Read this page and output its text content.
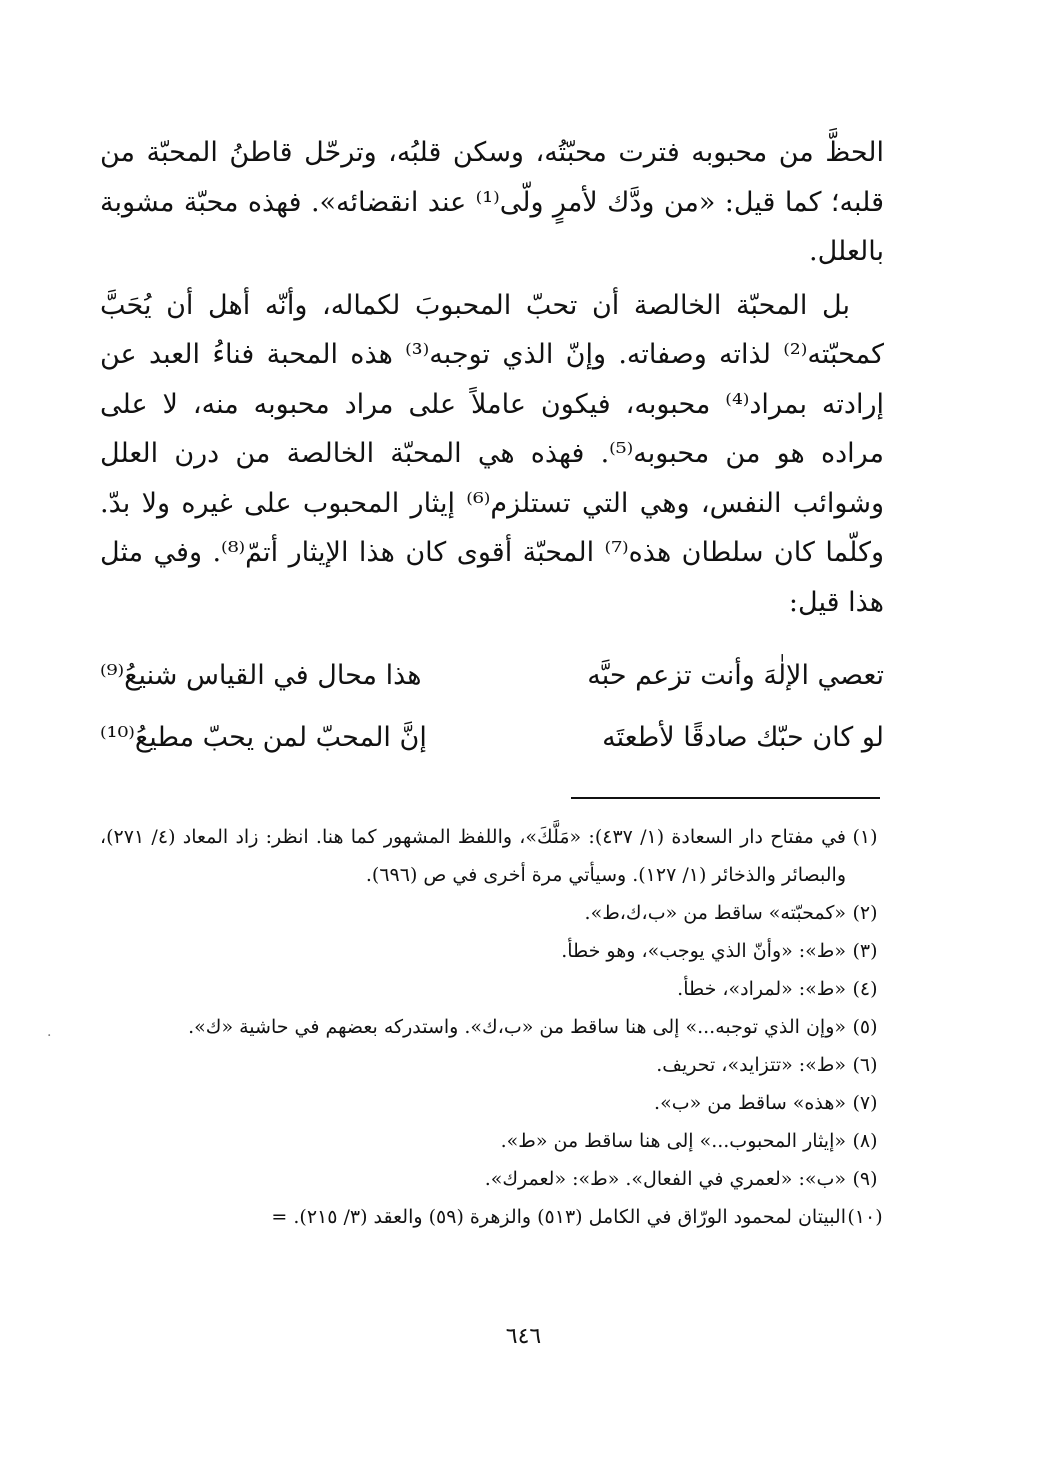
الحظَّ من محبوبه فترت محبّتُه، وسكن قلبُه، وترحّل قاطنُ المحبّة من قلبه؛ كما قيل: «من ودَّك لأمرٍ ولّى⁽¹⁾ عند انقضائه». فهذه محبّة مشوبة بالعلل.

بل المحبّة الخالصة أن تحبّ المحبوبَ لكماله، وأنّه أهل أن يُحَبَّ كمحبّته⁽²⁾ لذاته وصفاته. وإنّ الذي توجبه⁽³⁾ هذه المحبة فناءُ العبد عن إرادته بمراد⁽⁴⁾ محبوبه، فيكون عاملاً على مراد محبوبه منه، لا على مراده هو من محبوبه⁽⁵⁾. فهذه هي المحبّة الخالصة من درن العلل وشوائب النفس، وهي التي تستلزم⁽⁶⁾ إيثار المحبوب على غيره ولا بدّ. وكلّما كان سلطان هذه⁽⁷⁾ المحبّة أقوى كان هذا الإيثار أتمّ⁽⁸⁾. وفي مثل هذا قيل:

تعصي الإلٰهَ وأنت تزعم حبَّه
هذا محال في القياس شنيعُ⁽⁹⁾
لو كان حبّك صادقًا لأطعتَه
إنَّ المحبّ لمن يحبّ مطيعُ⁽¹⁰⁾
(١)
في مفتاح دار السعادة (١/ ٤٣٧): «مَلَّكَ»، واللفظ المشهور كما هنا. انظر: زاد المعاد (٤/ ٢٧١)، والبصائر والذخائر (١/ ١٢٧). وسيأتي مرة أخرى في ص (٦٩٦).
(٢)
«كمحبّته» ساقط من «ب،ك،ط».
(٣)
«ط»: «وأنّ الذي يوجب»، وهو خطأ.
(٤)
«ط»: «لمراد»، خطأ.
(٥)
«وإن الذي توجبه...» إلى هنا ساقط من «ب،ك». واستدركه بعضهم في حاشية «ك».
(٦)
«ط»: «تتزايد»، تحريف.
(٧)
«هذه» ساقط من «ب».
(٨)
«إيثار المحبوب...» إلى هنا ساقط من «ط».
(٩)
«ب»: «لعمري في الفعال». «ط»: «لعمرك».
(١٠)
البيتان لمحمود الورّاق في الكامل (٥١٣) والزهرة (٥٩) والعقد (٣/ ٢١٥). =
٦٤٦
·
